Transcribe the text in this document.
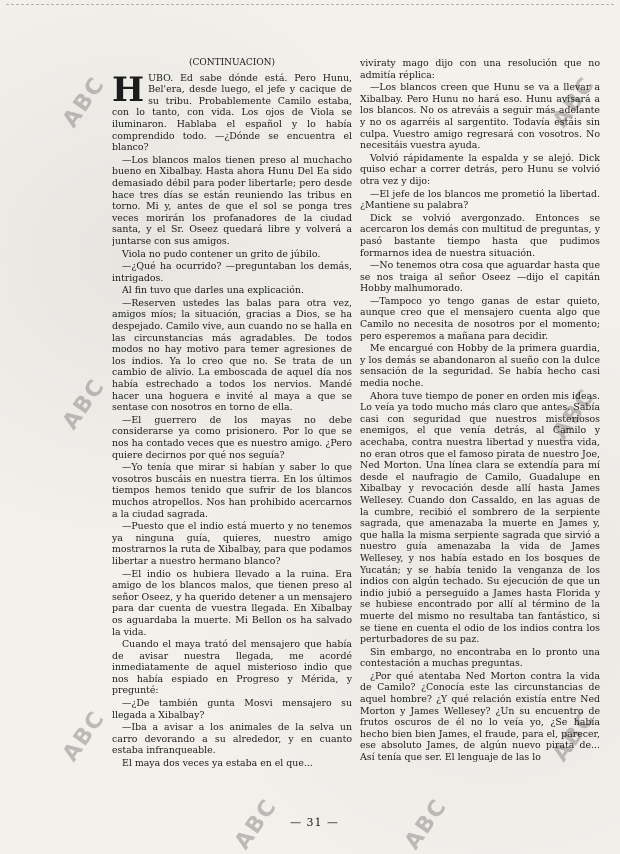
ABC
ABC
ABC
ABC
ABC
ABC
ABC	ABC

(CONTINUACIÓN)

HUBO. Ed sabe dónde está. Pero Hunu, Bel'era, desde luego, el jefe y cacique de su tribu. Probablemente Camilo estaba, con lo tanto, con vida. Los ojos de Viola se iluminaron. Hablaba el español y lo había comprendido todo. —¿Dónde se encuentra el blanco?

—Los blancos malos tienen preso al muchacho bueno en Xibalbay. Hasta ahora Hunu Del Ea sido demasiado débil para poder libertarle; pero desde hace tres días se están reuniendo las tribus en torno. Mi y, antes de que el sol se ponga tres veces morirán los profanadores de la ciudad santa, y el Sr. Oseez quedará libre y volverá a juntarse con sus amigos.

Viola no pudo contener un grito de júbilo.

—¿Qué ha ocurrido? —preguntaban los demás, intrigados.

Al fin tuvo que darles una explicación.

—Reserven ustedes las balas para otra vez, amigos míos; la situación, gracias a Dios, se ha despejado. Camilo vive, aun cuando no se halla en las circunstancias más agradables. De todos modos no hay motivo para temer agresiones de los indios. Ya lo creo que no. Se trata de un cambio de alivio. La emboscada de aquel día nos había estrechado a todos los nervios. Mandé hacer una hoguera e invité al maya a que se sentase con nosotros en torno de ella.

—El guerrero de los mayas no debe considerarse ya como prisionero. Por lo que se nos ha contado veces que es nuestro amigo. ¿Pero quiere decirnos por qué nos seguía?

—Yo tenía que mirar si habían y saber lo que vosotros buscáis en nuestra tierra. En los últimos tiempos hemos tenido que sufrir de los blancos muchos atropellos. Nos han prohibido acercarnos a la ciudad sagrada.

—Puesto que el indio está muerto y no tenemos ya ninguna guía, quieres, nuestro amigo mostrarnos la ruta de Xibalbay, para que podamos libertar a nuestro hermano blanco?

—El indio os hubiera llevado a la ruina. Era amigo de los blancos malos, que tienen preso al señor Oseez, y ha querido detener a un mensajero para dar cuenta de vuestra llegada. En Xibalbay os aguardaba la muerte. Mi Bellon os ha salvado la vida.

Cuando el maya trató del mensajero que había de avisar nuestra llegada, me acordé inmediatamente de aquel misterioso indio que nos había espiado en Progreso y Mérida, y pregunté:

—¿De también gunta Mosvi mensajero su llegada a Xibalbay?

—Iba a avisar a los animales de la selva un carro devorando a su alrededor, y en cuanto estaba infranqueable.

El maya dos veces ya estaba en el que...

viviraty mago dijo con una resolución que no admitía réplica:

—Los blancos creen que Hunu se va a llevar a Xibalbay. Pero Hunu no hará eso. Hunu avisará a los blancos. No os atreváis a seguir más adelante y no os agarréis al sargentito. Todavía estáis sin culpa. Vuestro amigo regresará con vosotros. No necesitáis vuestra ayuda.

Volvió rápidamente la espalda y se alejó. Dick quiso echar a correr detrás, pero Hunu se volvió otra vez y dijo:

—El jefe de los blancos me prometió la libertad. ¿Mantiene su palabra?

Dick se volvió avergonzado. Entonces se acercaron los demás con multitud de preguntas, y pasó bastante tiempo hasta que pudimos formarnos idea de nuestra situación.

—No tenemos otra cosa que aguardar hasta que se nos traiga al señor Oseez —dijo el capitán Hobby malhumorado.

—Tampoco yo tengo ganas de estar quieto, aunque creo que el mensajero cuenta algo que Camilo no necesita de nosotros por el momento; pero esperemos a mañana para decidir.

Me encargué con Hobby de la primera guardia, y los demás se abandonaron al sueño con la dulce sensación de la seguridad. Se había hecho casi media noche.

Ahora tuve tiempo de poner en orden mis ideas. Lo veía ya todo mucho más claro que antes. Sabía casi con seguridad que nuestros misteriosos enemigos, el que venía detrás, al Camilo y acechaba, contra nuestra libertad y nuestra vida, no eran otros que el famoso pirata de nuestro Joe, Ned Morton. Una línea clara se extendía para mí desde el naufragio de Camilo, Guadalupe en Xibalbay y revocación desde allí hasta James Wellesey. Cuando don Cassaldo, en las aguas de la cumbre, recibió el sombrero de la serpiente sagrada, que amenazaba la muerte en James y, que halla la misma serpiente sagrada que sirvió a nuestro guía amenazaba la vida de James Wellesey, y nos había estado en los bosques de Yucatán; y se había tenido la venganza de los indios con algún techado. Su ejecución de que un indio jubió a perseguido a James hasta Florida y se hubiese encontrado por allí al término de la muerte del mismo no resultaba tan fantástico, si se tiene en cuenta el odio de los indios contra los perturbadores de su paz.

Sin embargo, no encontraba en lo pronto una contestación a muchas preguntas.

¿Por qué atentaba Ned Morton contra la vida de Camilo? ¿Conocía este las circunstancias de aquel hombre? ¿Y qué relación existía entre Ned Morton y James Wellesey? ¿Un su encuentro de frutos oscuros de él no lo veía yo, ¿Se había hecho bien bien James, el fraude, para el, parecer, ese absoluto James, de algún nuevo pirata de... Así tenía que ser. El lenguaje de las lo

— 31 —
